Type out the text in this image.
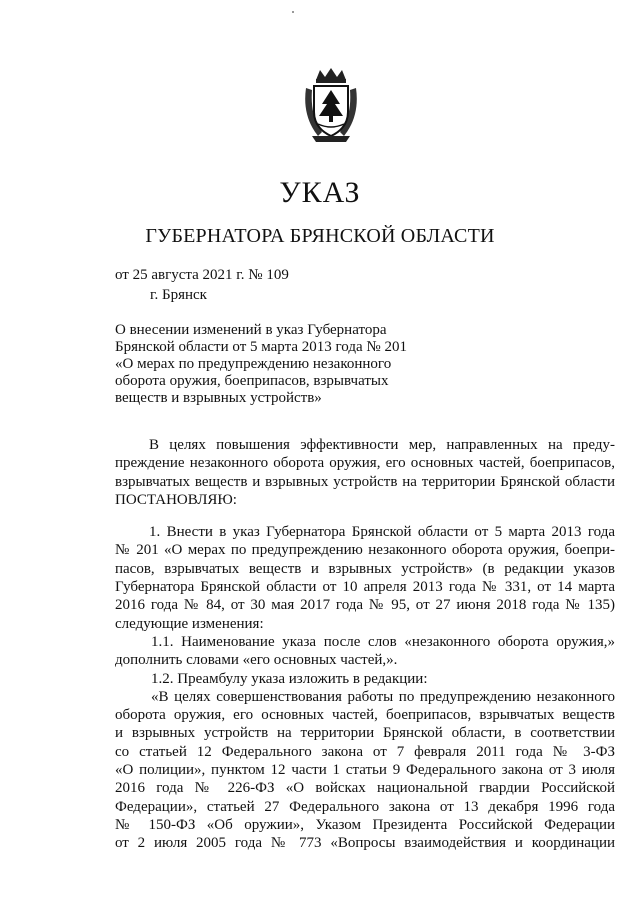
УКАЗ
ГУБЕРНАТОРА БРЯНСКОЙ ОБЛАСТИ
от 25 августа 2021 г. № 109
г. Брянск
О внесении изменений в указ Губернатора
Брянской области от 5 марта 2013 года № 201
«О мерах по предупреждению незаконного
оборота оружия, боеприпасов, взрывчатых
веществ и взрывных устройств»
В целях повышения эффективности мер, направленных на преду-
преждение незаконного оборота оружия, его основных частей, боеприпасов,
взрывчатых веществ и взрывных устройств на территории Брянской области
ПОСТАНОВЛЯЮ:
1. Внести в указ Губернатора Брянской области от 5 марта 2013 года
№ 201 «О мерах по предупреждению незаконного оборота оружия, боепри-
пасов, взрывчатых веществ и взрывных устройств» (в редакции указов
Губернатора Брянской области от 10 апреля 2013 года № 331, от 14 марта
2016 года № 84, от 30 мая 2017 года № 95, от 27 июня 2018 года № 135)
следующие изменения:
1.1. Наименование указа после слов «незаконного оборота оружия,»
дополнить словами «его основных частей,».
1.2. Преамбулу указа изложить в редакции:
«В целях совершенствования работы по предупреждению незаконного
оборота оружия, его основных частей, боеприпасов, взрывчатых веществ
и взрывных устройств на территории Брянской области, в соответствии
со статьей 12 Федерального закона от 7 февраля 2011 года № 3-ФЗ
«О полиции», пунктом 12 части 1 статьи 9 Федерального закона от 3 июля
2016 года № 226-ФЗ «О войсках национальной гвардии Российской
Федерации», статьей 27 Федерального закона от 13 декабря 1996 года
№ 150-ФЗ «Об оружии», Указом Президента Российской Федерации
от 2 июля 2005 года № 773 «Вопросы взаимодействия и координации
